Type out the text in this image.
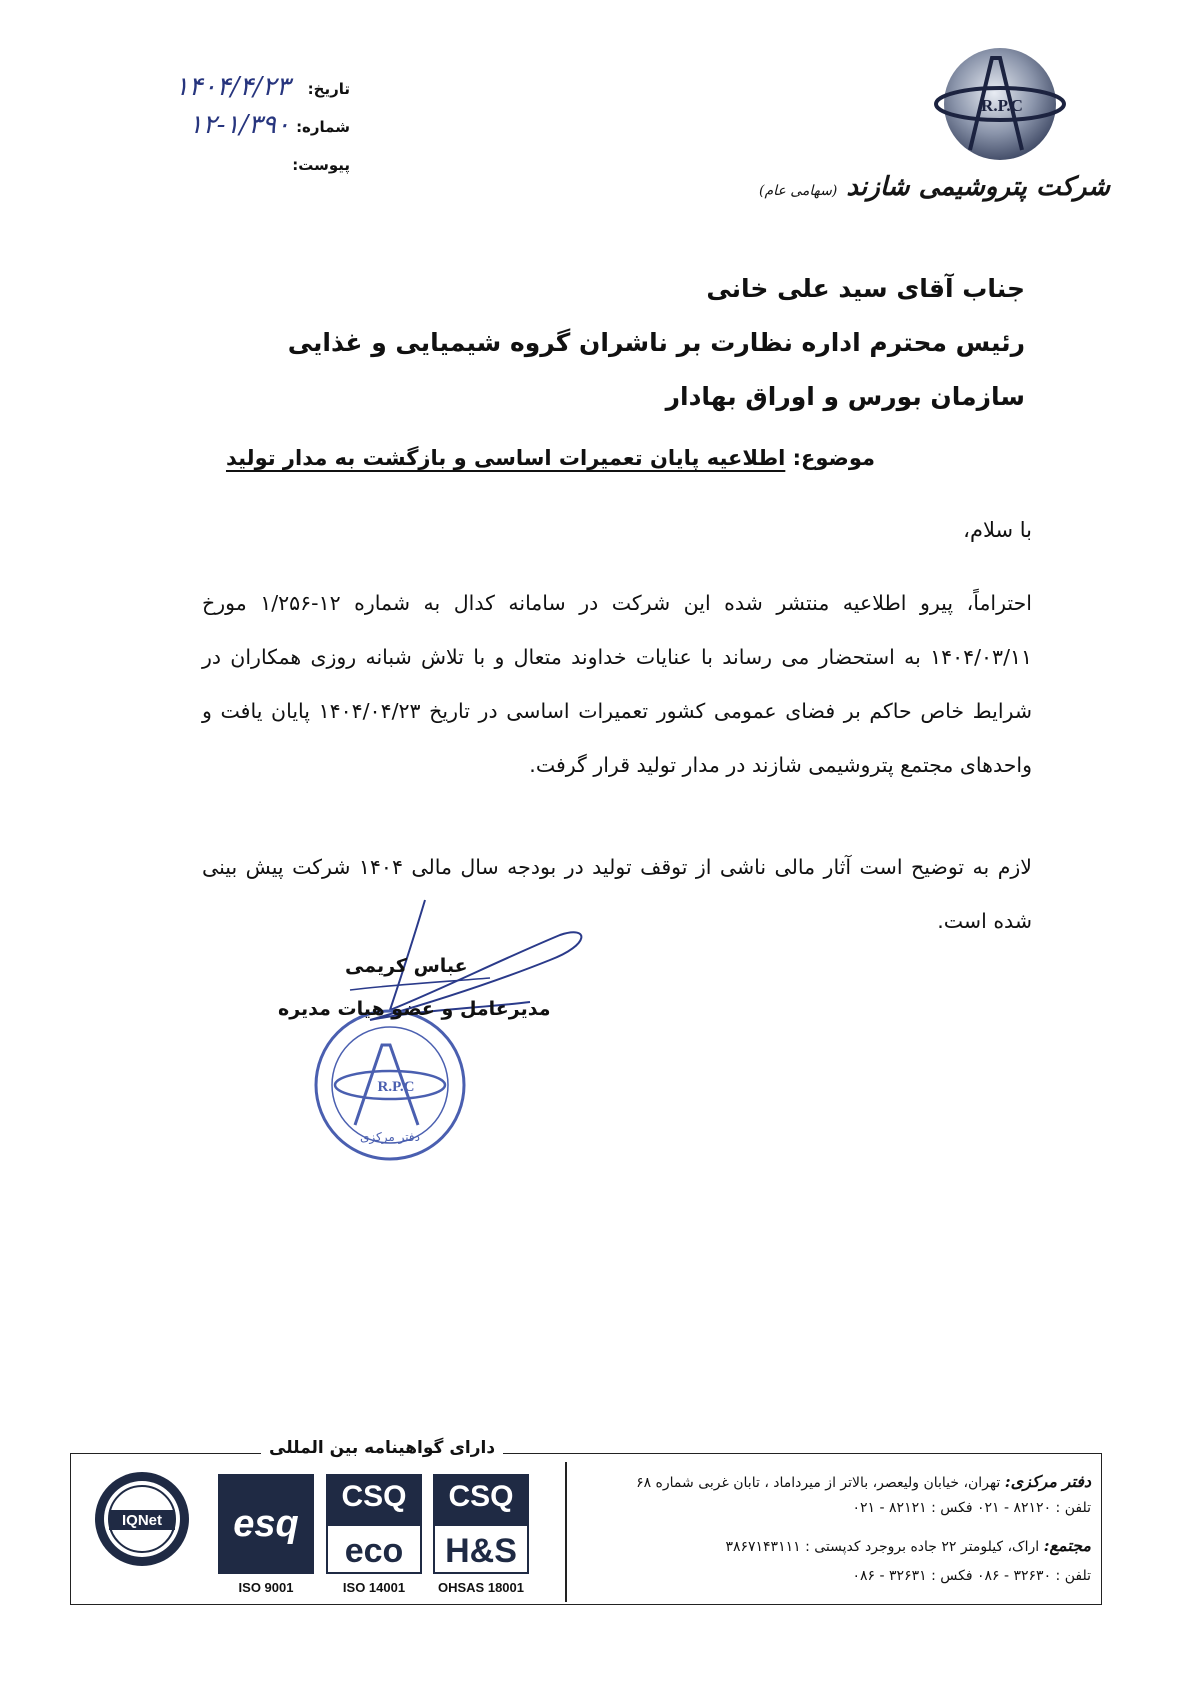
تاریخ:
۱۴۰۴/۴/۲۳
شماره:
۱۲-۱/۳۹۰
پیوست:
R.P.C
شرکت پتروشیمی شازند (سهامی عام)
جناب آقای سید علی خانی
رئیس محترم اداره نظارت بر ناشران گروه شیمیایی و غذایی
سازمان بورس و اوراق بهادار
موضوع: اطلاعیه پایان تعمیرات اساسی و بازگشت به مدار تولید
با سلام،
احتراماً، پیرو اطلاعیه منتشر شده این شرکت در سامانه کدال به شماره ۱۲-۱/۲۵۶ مورخ ۱۴۰۴/۰۳/۱۱ به استحضار می رساند با عنایات خداوند متعال و با تلاش شبانه روزی همکاران در شرایط خاص حاکم بر فضای عمومی کشور تعمیرات اساسی در تاریخ ۱۴۰۴/۰۴/۲۳ پایان یافت و واحدهای مجتمع پتروشیمی شازند در مدار تولید قرار گرفت.
لازم به توضیح است آثار مالی ناشی از توقف تولید در بودجه سال مالی ۱۴۰۴ شرکت پیش بینی شده است.
R.P.C
دفتر مرکزی
عباس کریمی
مدیرعامل و عضو هیات مدیره
دارای گواهینامه بین المللی
دفتر مرکزی: تهران، خیابان ولیعصر، بالاتر از میرداماد ، تابان غربی شماره ۶۸
تلفن : ۸۲۱۲۰ - ۰۲۱ فکس : ۸۲۱۲۱ - ۰۲۱
مجتمع: اراک، کیلومتر ۲۲ جاده بروجرد کدپستی : ۳۸۶۷۱۴۳۱۱۱
تلفن : ۳۲۶۳۰ - ۰۸۶ فکس : ۳۲۶۳۱ - ۰۸۶
IQNet	esq
ISO 9001
CSQ
eco
ISO 14001
CSQ
H&S
OHSAS 18001
